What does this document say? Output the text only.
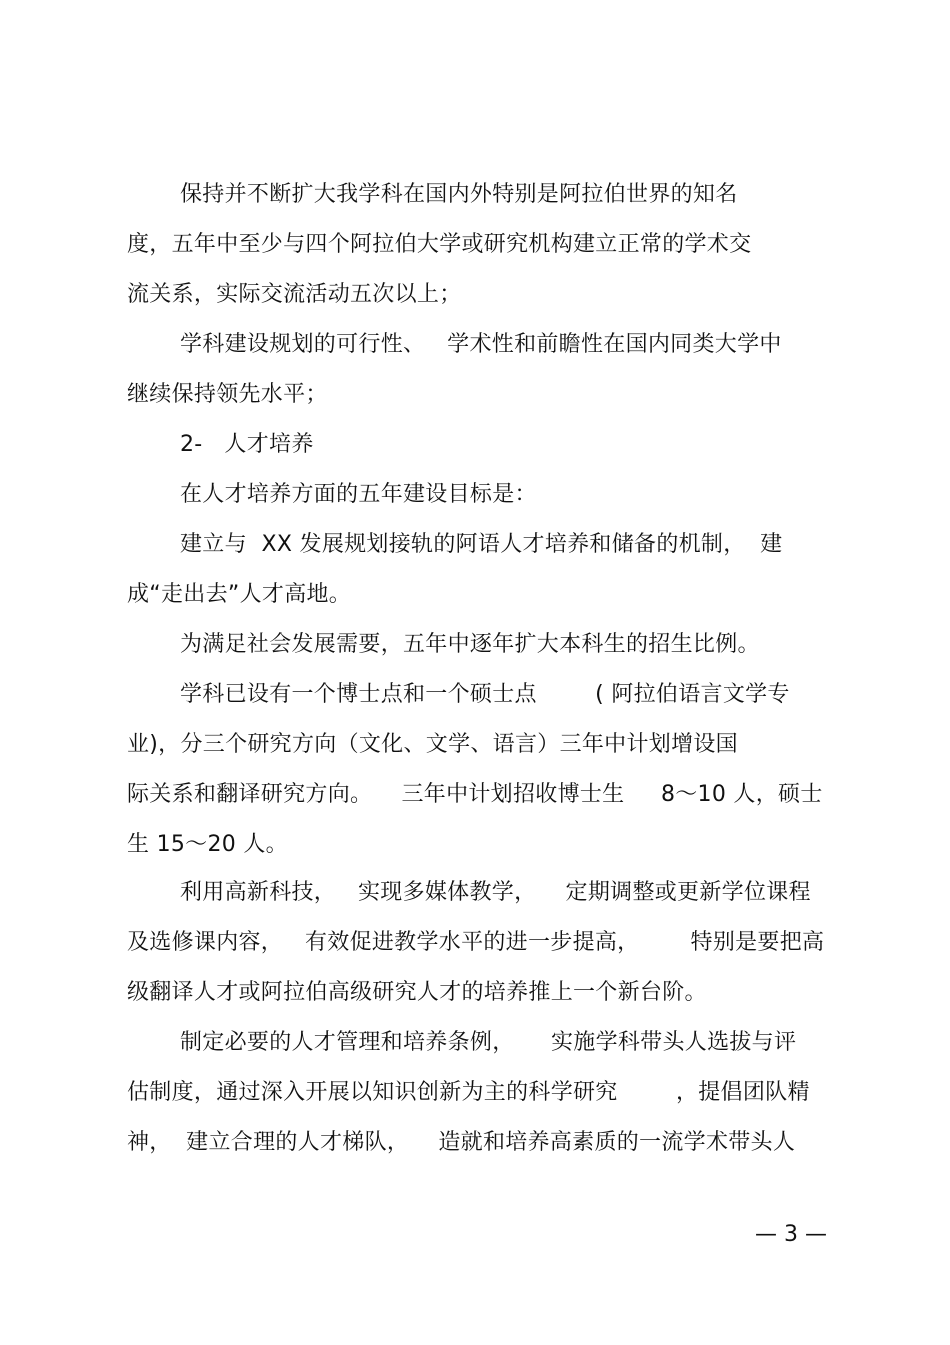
保持并不断扩大我学科在国内外特别是阿拉伯世界的知名
度，五年中至少与四个阿拉伯大学或研究机构建立正常的学术交
流关系，实际交流活动五次以上；
学科建设规划的可行性、   学术性和前瞻性在国内同类大学中
继续保持领先水平；
2-   人才培养
在人才培养方面的五年建设目标是：
建立与  XX 发展规划接轨的阿语人才培养和储备的机制，  建
成“走出去”人才高地。
为满足社会发展需要，五年中逐年扩大本科生的招生比例。
学科已设有一个博士点和一个硕士点        ( 阿拉伯语言文学专
业)，分三个研究方向（文化、文学、语言）三年中计划增设国
际关系和翻译研究方向。    三年中计划招收博士生     8～10 人，硕士
生 15～20 人。
利用高新科技，   实现多媒体教学，    定期调整或更新学位课程
及选修课内容，   有效促进教学水平的进一步提高，       特别是要把高
级翻译人才或阿拉伯高级研究人才的培养推上一个新台阶。
制定必要的人才管理和培养条例，     实施学科带头人选拔与评
估制度，通过深入开展以知识创新为主的科学研究        ，提倡团队精
神，  建立合理的人才梯队，    造就和培养高素质的一流学术带头人
— 3 —
